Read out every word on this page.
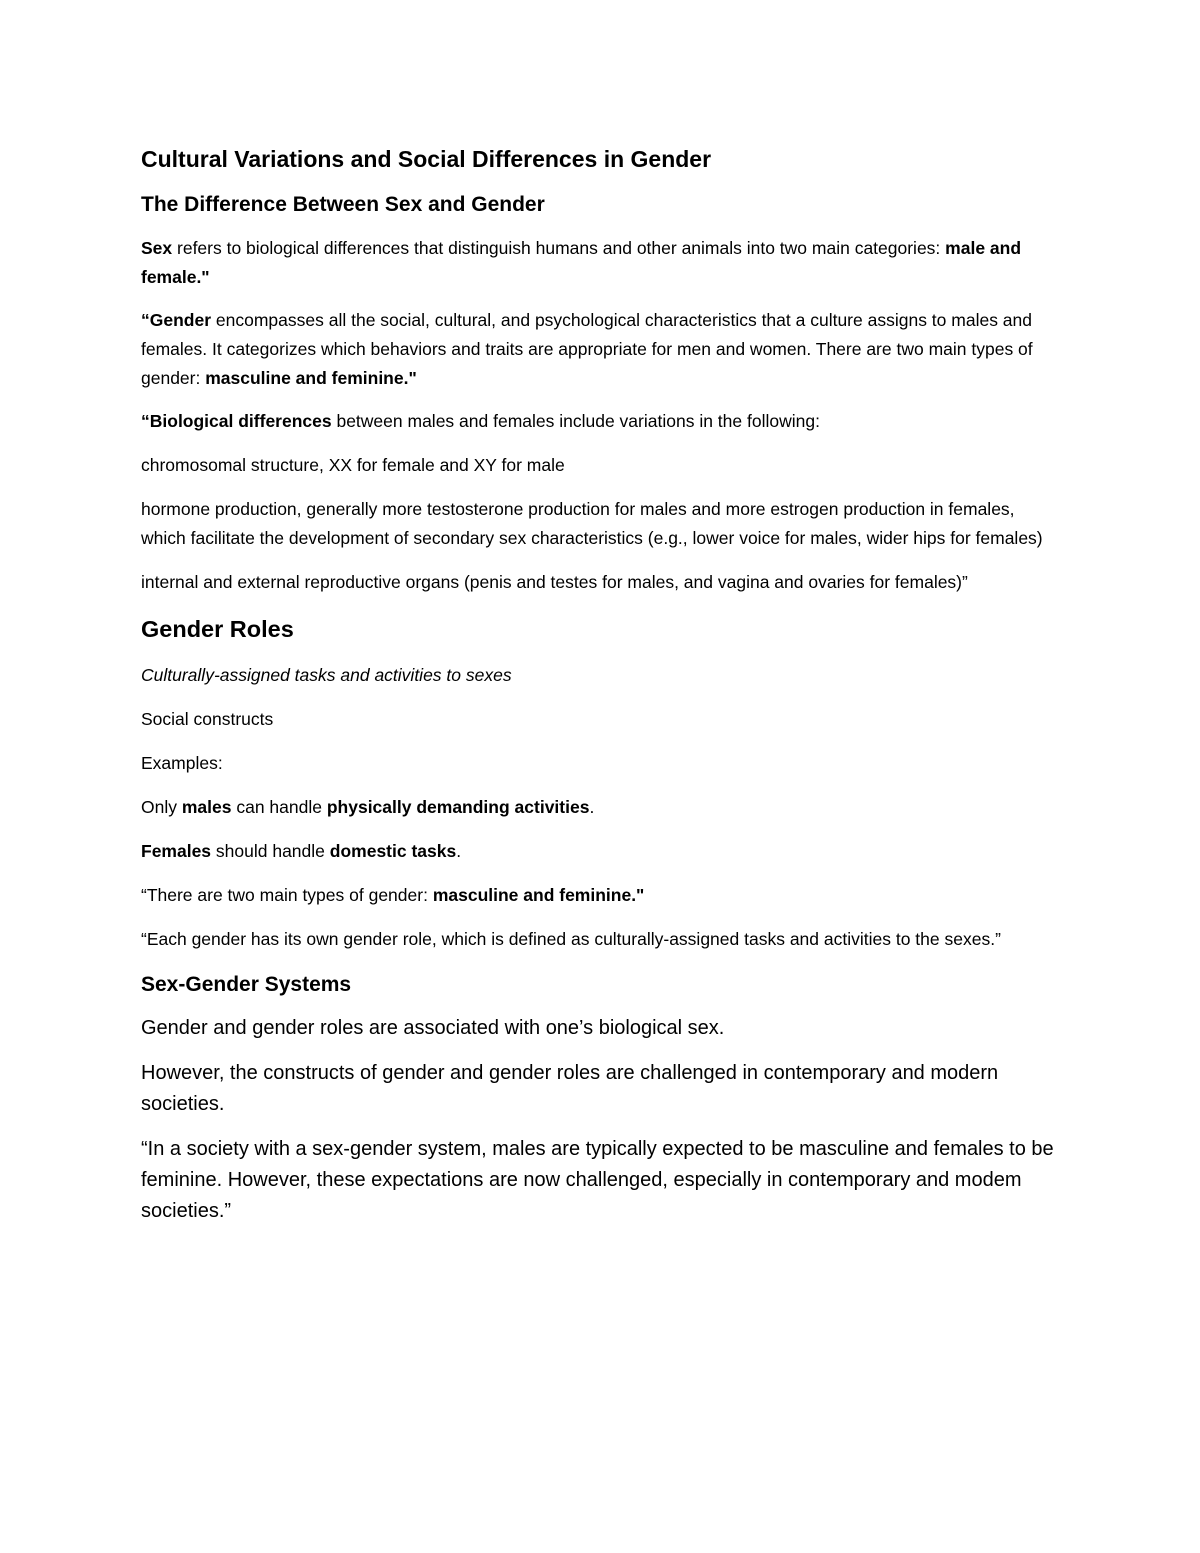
Cultural Variations and Social Differences in Gender
The Difference Between Sex and Gender

Sex refers to biological differences that distinguish humans and other animals into two main categories: male and female."

“Gender encompasses all the social, cultural, and psychological characteristics that a culture assigns to males and females. It categorizes which behaviors and traits are appropriate for men and women. There are two main types of gender: masculine and feminine."

“Biological differences between males and females include variations in the following:

chromosomal structure, XX for female and XY for male

hormone production, generally more testosterone production for males and more estrogen production in females, which facilitate the development of secondary sex characteristics (e.g., lower voice for males, wider hips for females)

internal and external reproductive organs (penis and testes for males, and vagina and ovaries for females)”

Gender Roles

Culturally-assigned tasks and activities to sexes

Social constructs

Examples:

Only males can handle physically demanding activities.

Females should handle domestic tasks.

“There are two main types of gender: masculine and feminine."

“Each gender has its own gender role, which is defined as culturally-assigned tasks and activities to the sexes.”

Sex-Gender Systems

Gender and gender roles are associated with one’s biological sex.

However, the constructs of gender and gender roles are challenged in contemporary and modern societies.

“In a society with a sex-gender system, males are typically expected to be masculine and females to be feminine. However, these expectations are now challenged, especially in contemporary and modem societies.”
